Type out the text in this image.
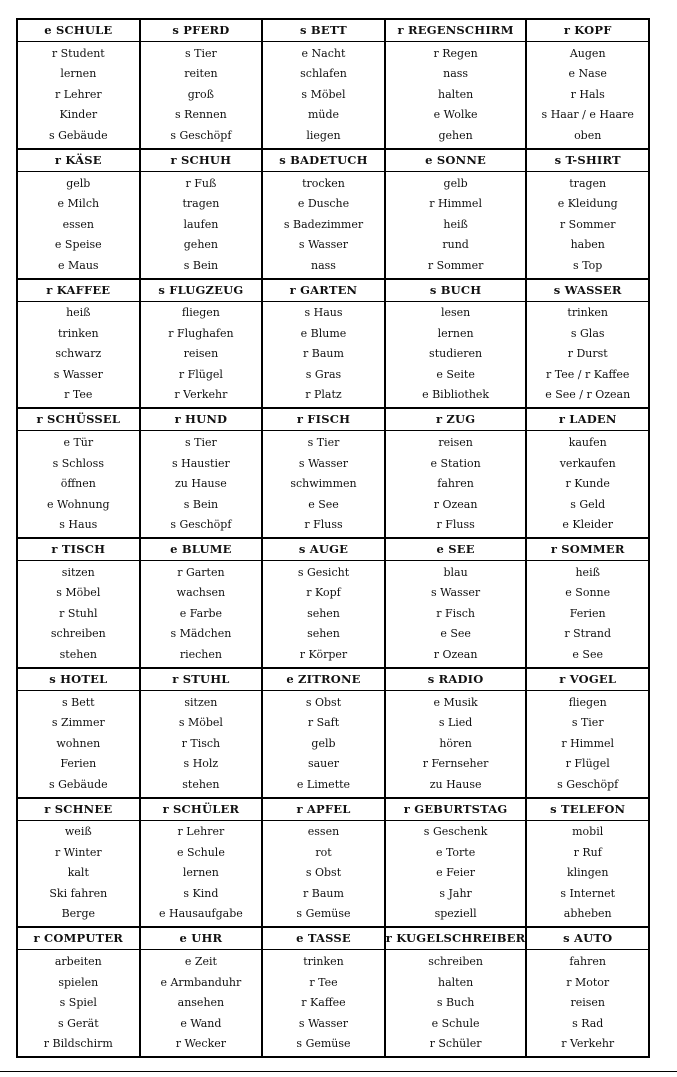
e SCHULE
r Student
lernen
r Lehrer
Kinder
s Gebäude
s PFERD
s Tier
reiten
groß
s Rennen
s Geschöpf
s BETT
e Nacht
schlafen
s Möbel
müde
liegen
r REGENSCHIRM
r Regen
nass
halten
e Wolke
gehen
r KOPF
Augen
e Nase
r Hals
s Haar / e Haare
oben
r KÄSE
gelb
e Milch
essen
e Speise
e Maus
r SCHUH
r Fuß
tragen
laufen
gehen
s Bein
s BADETUCH
trocken
e Dusche
s Badezimmer
s Wasser
nass
e SONNE
gelb
r Himmel
heiß
rund
r Sommer
s T-SHIRT
tragen
e Kleidung
r Sommer
haben
s Top
r KAFFEE
heiß
trinken
schwarz
s Wasser
r Tee
s FLUGZEUG
fliegen
r Flughafen
reisen
r Flügel
r Verkehr
r GARTEN
s Haus
e Blume
r Baum
s Gras
r Platz
s BUCH
lesen
lernen
studieren
e Seite
e Bibliothek
s WASSER
trinken
s Glas
r Durst
r Tee / r Kaffee
e See / r Ozean
r SCHÜSSEL
e Tür
s Schloss
öffnen
e Wohnung
s Haus
r HUND
s Tier
s Haustier
zu Hause
s Bein
s Geschöpf
r FISCH
s Tier
s Wasser
schwimmen
e See
r Fluss
r ZUG
reisen
e Station
fahren
r Ozean
r Fluss
r LADEN
kaufen
verkaufen
r Kunde
s Geld
e Kleider
r TISCH
sitzen
s Möbel
r Stuhl
schreiben
stehen
e BLUME
r Garten
wachsen
e Farbe
s Mädchen
riechen
s AUGE
s Gesicht
r Kopf
sehen
sehen
r Körper
e SEE
blau
s Wasser
r Fisch
e See
r Ozean
r SOMMER
heiß
e Sonne
Ferien
r Strand
e See
s HOTEL
s Bett
s Zimmer
wohnen
Ferien
s Gebäude
r STUHL
sitzen
s Möbel
r Tisch
s Holz
stehen
e ZITRONE
s Obst
r Saft
gelb
sauer
e Limette
s RADIO
e Musik
s Lied
hören
r Fernseher
zu Hause
r VOGEL
fliegen
s Tier
r Himmel
r Flügel
s Geschöpf
r SCHNEE
weiß
r Winter
kalt
Ski fahren
Berge
r SCHÜLER
r Lehrer
e Schule
lernen
s Kind
e Hausaufgabe
r APFEL
essen
rot
s Obst
r Baum
s Gemüse
r GEBURTSTAG
s Geschenk
e Torte
e Feier
s Jahr
speziell
s TELEFON
mobil
r Ruf
klingen
s Internet
abheben
r COMPUTER
arbeiten
spielen
s Spiel
s Gerät
r Bildschirm
e UHR
e Zeit
e Armbanduhr
ansehen
e Wand
r Wecker
e TASSE
trinken
r Tee
r Kaffee
s Wasser
s Gemüse
r KUGELSCHREIBER
schreiben
halten
s Buch
e Schule
r Schüler
s AUTO
fahren
r Motor
reisen
s Rad
r Verkehr
